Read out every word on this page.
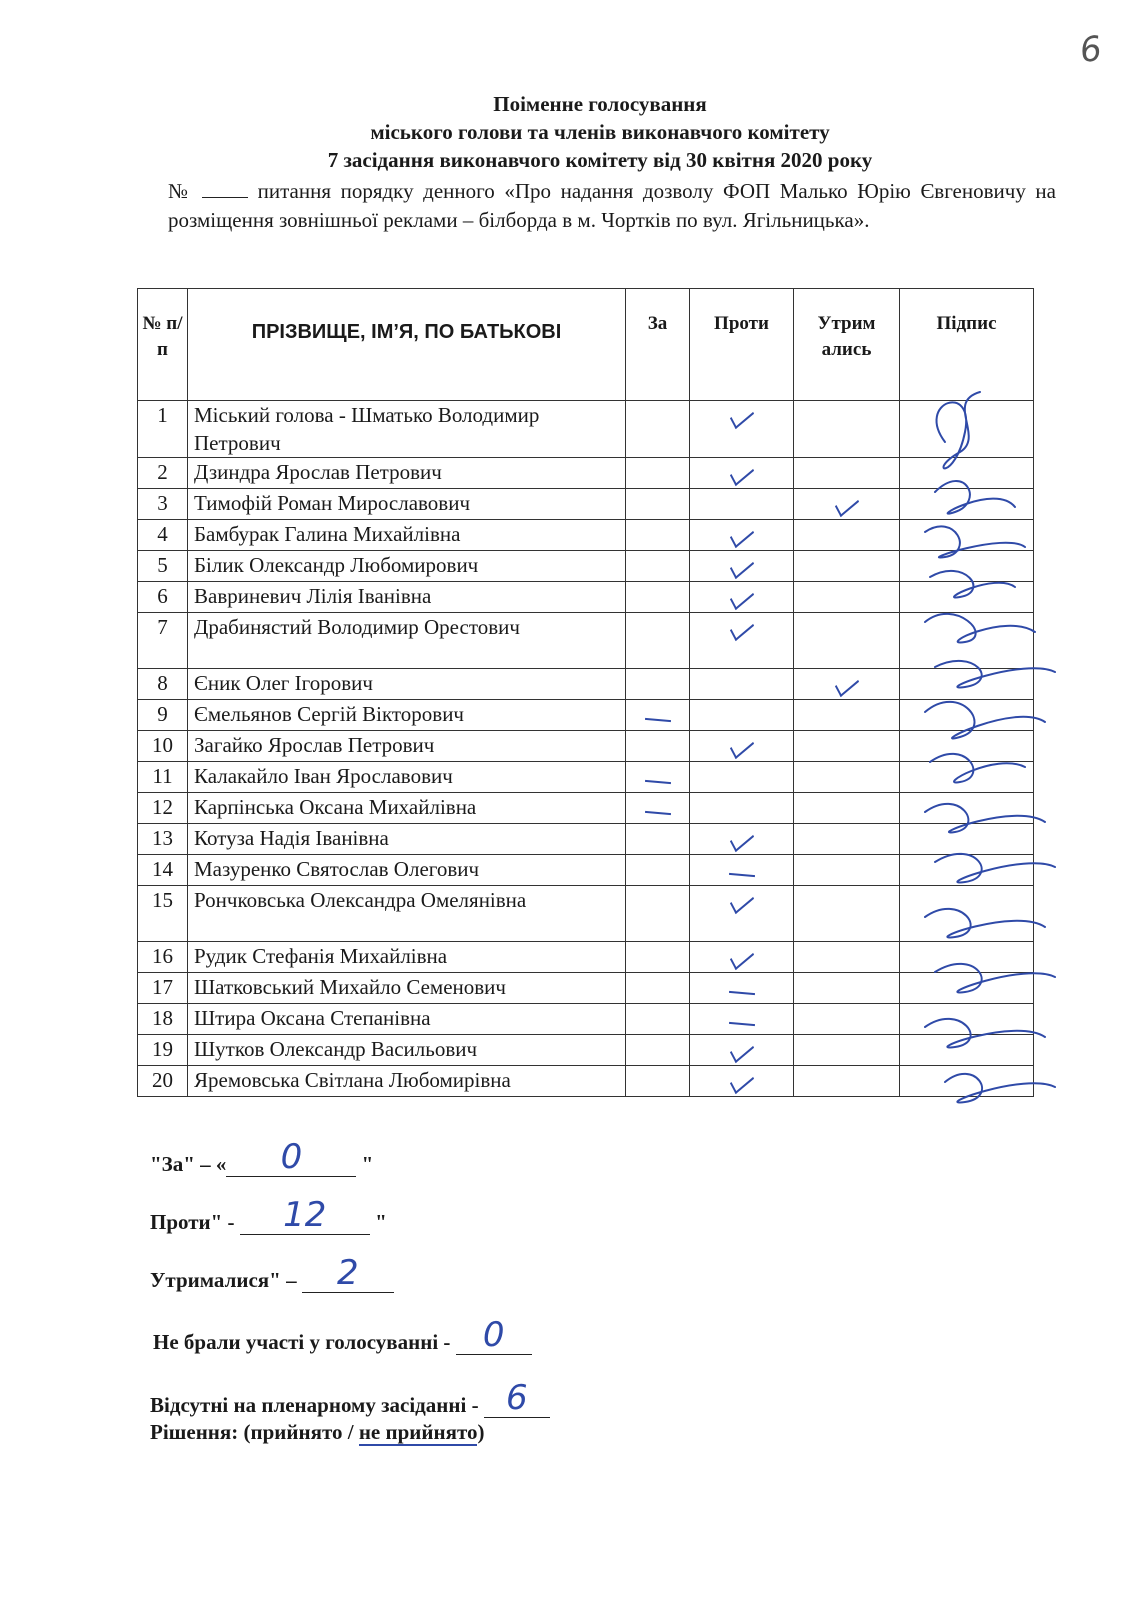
6
Поіменне голосування
міського голови та членів виконавчого комітету
7 засідання виконавчого комітету від 30 квітня 2020 року
№	питання порядку денного «Про надання дозволу ФОП Малько Юрію Євгеновичу на розміщення зовнішньої реклами – білборда в м. Чортків по вул. Ягільницька».
№ п/п	ПРІЗВИЩЕ, ІМ’Я, ПО БАТЬКОВІ	За	Проти	Утрим ались	Підпис
1	Міський голова - Шматько Володимир Петрович				
2	Дзиндра Ярослав Петрович				
3	Тимофій Роман Мирославович				
4	Бамбурак Галина Михайлівна				
5	Білик Олександр Любомирович				
6	Вавриневич Лілія Іванівна				
7	Драбинястий Володимир Орестович				
8	Єник Олег Ігорович				
9	Ємельянов Сергій Вікторович				
10	Загайко Ярослав Петрович				
11	Калакайло Іван Ярославович				
12	Карпінська Оксана Михайлівна				
13	Котуза Надія Іванівна				
14	Мазуренко Святослав Олегович				
15	Рончковська Олександра Омелянівна				
16	Рудик Стефанія Михайлівна				
17	Шатковський Михайло Семенович				
18	Штира Оксана Степанівна				
19	Шутков Олександр Васильович				
20	Яремовська Світлана Любомирівна				
"За" – «	0	"
Проти" -	12	"
Утрималися" –	2
Не брали участі у голосуванні - 0
Відсутні на пленарному засіданні - 6
Рішення: (прийнято / не прийнято)
